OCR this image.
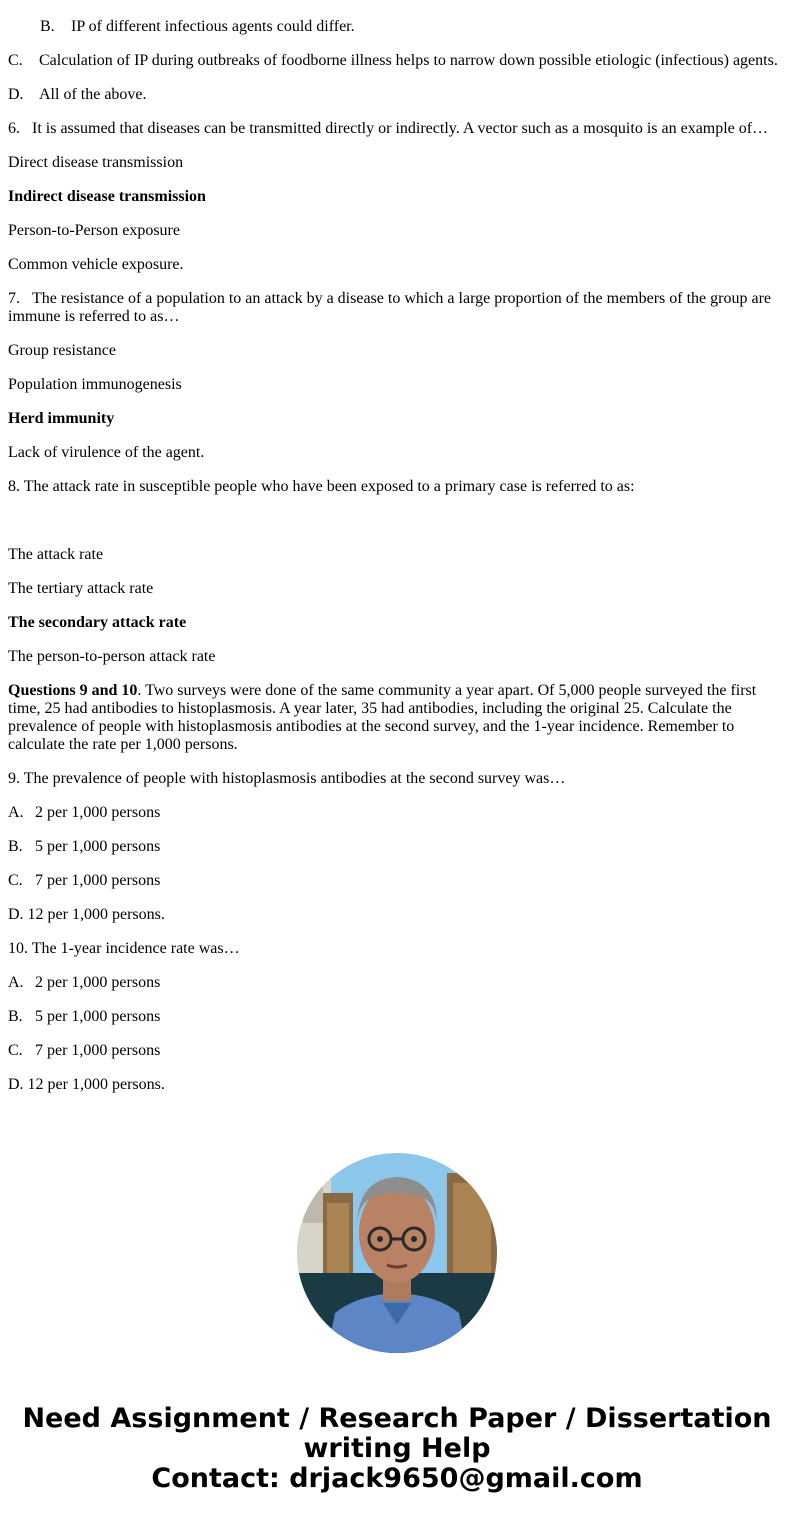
B. IP of different infectious agents could differ.
C. Calculation of IP during outbreaks of foodborne illness helps to narrow down possible etiologic (infectious) agents.
D. All of the above.
6. It is assumed that diseases can be transmitted directly or indirectly. A vector such as a mosquito is an example of…
Direct disease transmission
Indirect disease transmission
Person-to-Person exposure
Common vehicle exposure.
7. The resistance of a population to an attack by a disease to which a large proportion of the members of the group are immune is referred to as…
Group resistance
Population immunogenesis
Herd immunity
Lack of virulence of the agent.
8. The attack rate in susceptible people who have been exposed to a primary case is referred to as:
The attack rate
The tertiary attack rate
The secondary attack rate
The person-to-person attack rate
Questions 9 and 10. Two surveys were done of the same community a year apart. Of 5,000 people surveyed the first time, 25 had antibodies to histoplasmosis. A year later, 35 had antibodies, including the original 25. Calculate the prevalence of people with histoplasmosis antibodies at the second survey, and the 1-year incidence. Remember to calculate the rate per 1,000 persons.
9. The prevalence of people with histoplasmosis antibodies at the second survey was…
A. 2 per 1,000 persons
B. 5 per 1,000 persons
C. 7 per 1,000 persons
D. 12 per 1,000 persons.
10. The 1-year incidence rate was…
A. 2 per 1,000 persons
B. 5 per 1,000 persons
C. 7 per 1,000 persons
D. 12 per 1,000 persons.
Need Assignment / Research Paper / Dissertation
writing Help
Contact: drjack9650@gmail.com
